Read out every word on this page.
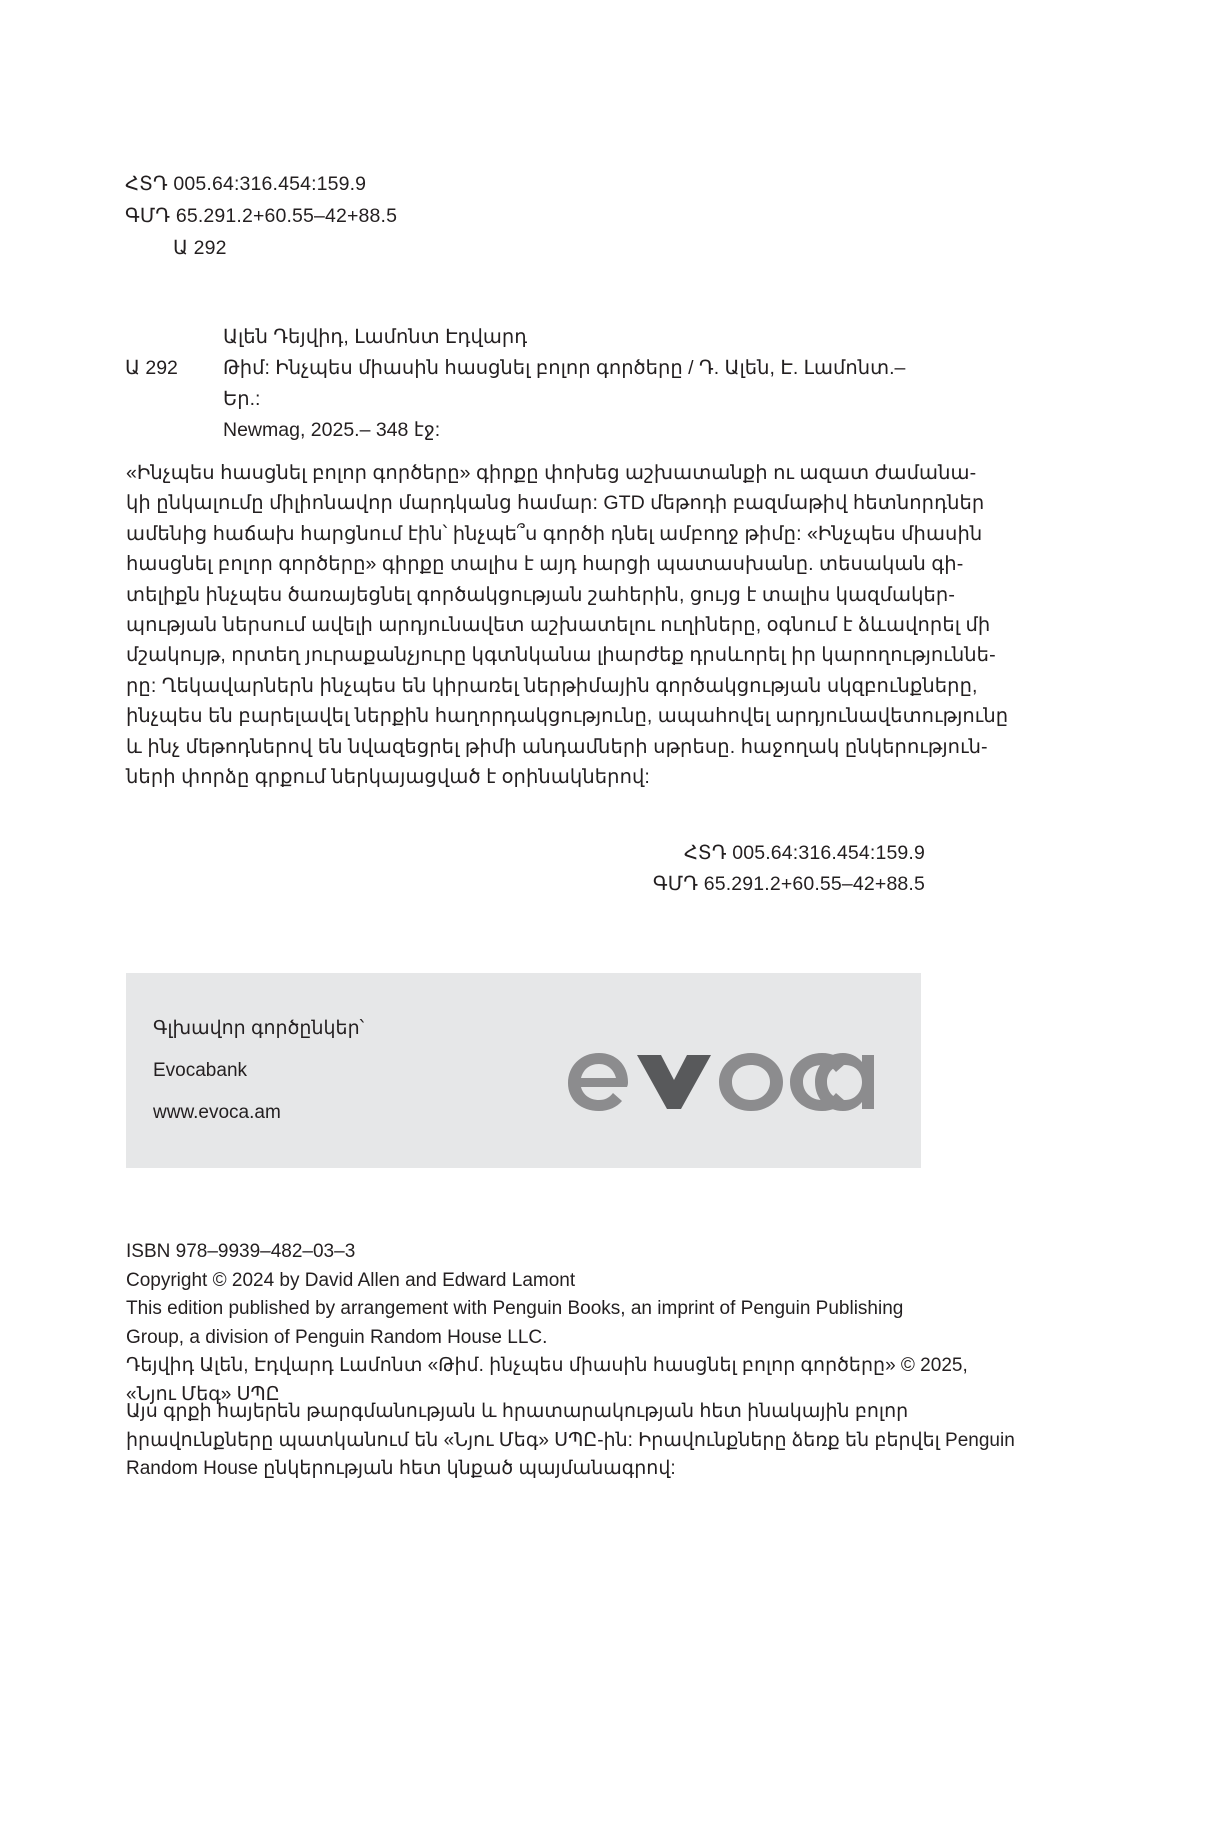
ՀՏԴ 005.64:316.454:159.9
ԳՄԴ 65.291.2+60.55–42+88.5
Ա 292
Ալեն Դեյվիդ, Լամոնտ Էդվարդ
Ա 292	Թիմ: Ինչպես միասին հասցնել բոլոր գործերը / Դ. Ալեն, Է. Լամոնտ.– Եր.:
Newmag, 2025.– 348 էջ:
«Ինչպես հասցնել բոլոր գործերը» գիրքը փոխեց աշխատանքի ու ազատ ժամանա-
կի ընկալումը միլիոնավոր մարդկանց համար: GTD մեթոդի բազմաթիվ հետնորդներ
ամենից հաճախ հարցնում էին՝ ինչպե՞ս գործի դնել ամբողջ թիմը: «Ինչպես միասին
հասցնել բոլոր գործերը» գիրքը տալիս է այդ հարցի պատասխանը. տեսական գի-
տելիքն ինչպես ծառայեցնել գործակցության շահերին, ցույց է տալիս կազմակեր-
պության ներսում ավելի արդյունավետ աշխատելու ուղիները, օգնում է ձևավորել մի
մշակույթ, որտեղ յուրաքանչյուրը կգտնկանա լիարժեք դրսևորել իր կարողություննե-
րը: Ղեկավարներն ինչպես են կիրառել ներթիմային գործակցության սկզբունքները,
ինչպես են բարելավել ներքին հաղորդակցությունը, ապահովել արդյունավետությունը
և ինչ մեթոդներով են նվազեցրել թիմի անդամների սթրեսը. հաջողակ ընկերություն-
ների փորձը գրքում ներկայացված է օրինակներով:
ՀՏԴ 005.64:316.454:159.9
ԳՄԴ 65.291.2+60.55–42+88.5
Գլխավոր գործընկեր՝
Evocabank
www.evoca.am
ISBN 978–9939–482–03–3
Copyright © 2024 by David Allen and Edward Lamont
This edition published by arrangement with Penguin Books, an imprint of Penguin Publishing
Group, a division of Penguin Random House LLC.
Դեյվիդ Ալեն, Էդվարդ Լամոնտ «Թիմ. ինչպես միասին հասցնել բոլոր գործերը» © 2025,
«Նյու Մեգ» ՍՊԸ
Այս գրքի հայերեն թարգմանության և հրատարակության հետ ինակային բոլոր
իրավունքները պատկանում են «Նյու Մեգ» ՍՊԸ-ին: Իրավունքները ձեռք են բերվել Penguin
Random House ընկերության հետ կնքած պայմանագրով:
